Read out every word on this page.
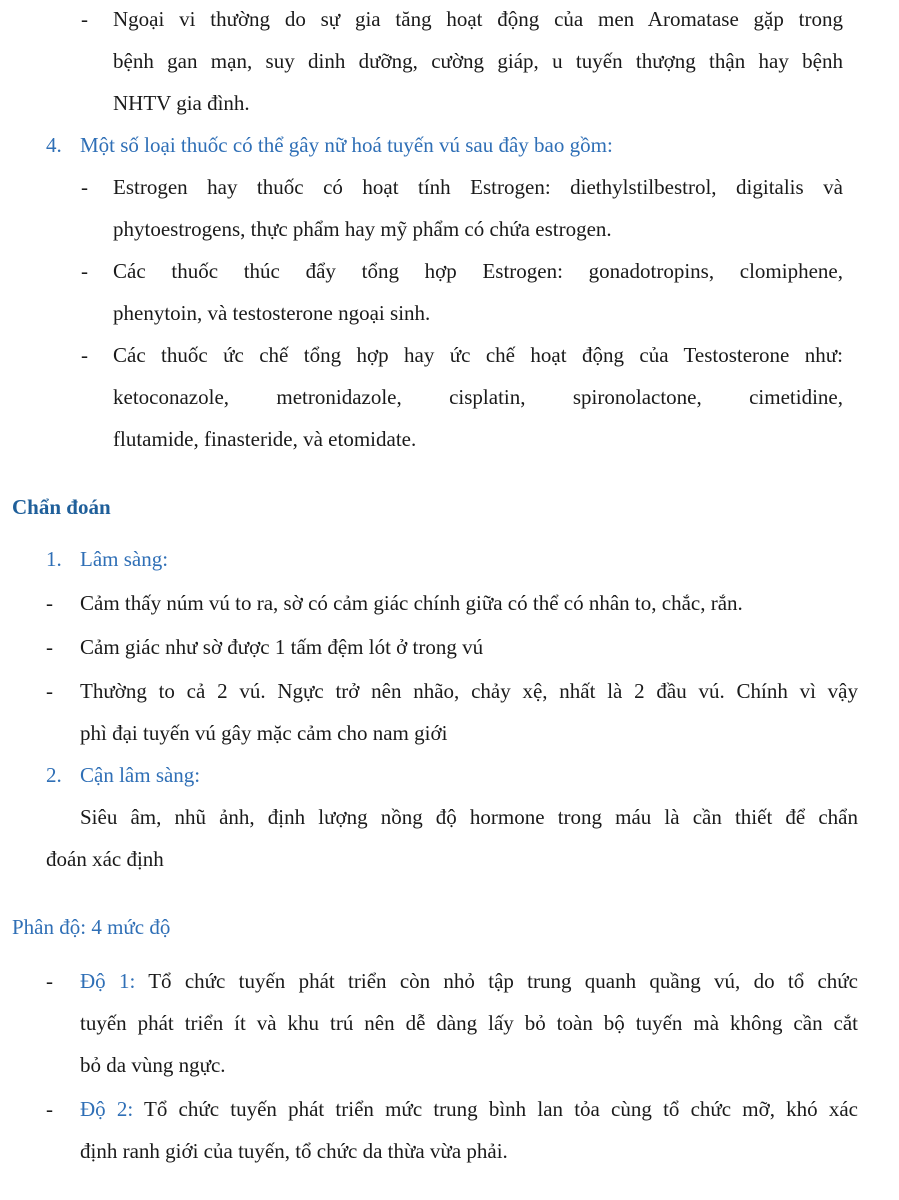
- Ngoại vi thường do sự gia tăng hoạt động của men Aromatase gặp trong
bệnh gan mạn, suy dinh dưỡng, cường giáp, u tuyến thượng thận hay bệnh
NHTV gia đình.
4. Một số loại thuốc có thể gây nữ hoá tuyến vú sau đây bao gồm:
- Estrogen hay thuốc có hoạt tính Estrogen: diethylstilbestrol, digitalis và
phytoestrogens, thực phẩm hay mỹ phẩm có chứa estrogen.
- Các thuốc thúc đẩy tổng hợp Estrogen: gonadotropins, clomiphene,
phenytoin, và testosterone ngoại sinh.
- Các thuốc ức chế tổng hợp hay ức chế hoạt động của Testosterone như:
ketoconazole, metronidazole, cisplatin, spironolactone, cimetidine,
flutamide, finasteride, và etomidate.
Chẩn đoán
1. Lâm sàng:
- Cảm thấy núm vú to ra, sờ có cảm giác chính giữa có thể có nhân to, chắc, rắn.
- Cảm giác như sờ được 1 tấm đệm lót ở trong vú
- Thường to cả 2 vú. Ngực trở nên nhão, chảy xệ, nhất là 2 đầu vú. Chính vì vậy
phì đại tuyến vú gây mặc cảm cho nam giới
2. Cận lâm sàng:
Siêu âm, nhũ ảnh, định lượng nồng độ hormone trong máu là cần thiết để chẩn
đoán xác định
Phân độ: 4 mức độ
- Độ 1: Tổ chức tuyến phát triển còn nhỏ tập trung quanh quầng vú, do tổ chức
tuyến phát triển ít và khu trú nên dễ dàng lấy bỏ toàn bộ tuyến mà không cần cắt
bỏ da vùng ngực.
- Độ 2: Tổ chức tuyến phát triển mức trung bình lan tỏa cùng tổ chức mỡ, khó xác
định ranh giới của tuyến, tổ chức da thừa vừa phải.
